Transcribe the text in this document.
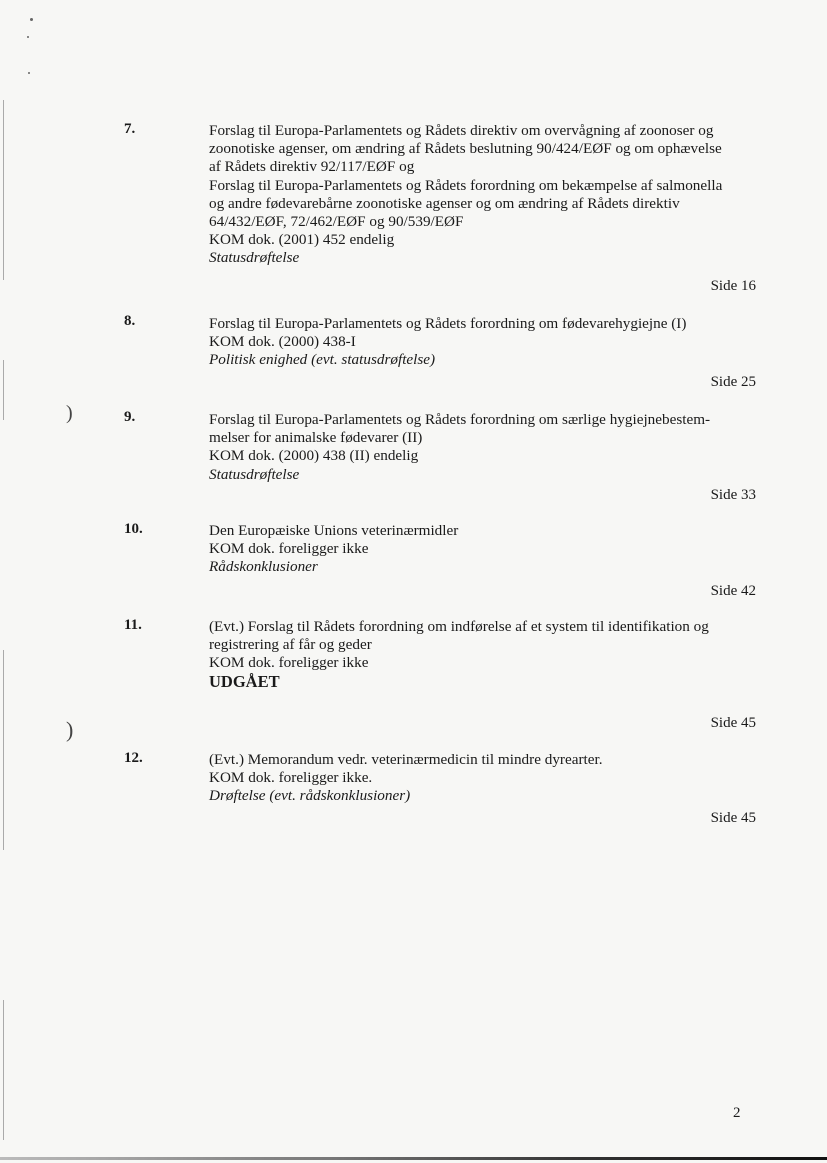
)
)
7.	Forslag til Europa-Parlamentets og Rådets direktiv om overvågning af zoonoser og
zoonotiske agenser, om ændring af Rådets beslutning 90/424/EØF og om ophævelse
af Rådets direktiv 92/117/EØF og
Forslag til Europa-Parlamentets og Rådets forordning om bekæmpelse af salmonella
og andre fødevarebårne zoonotiske agenser og om ændring af Rådets direktiv
64/432/EØF, 72/462/EØF og 90/539/EØF
KOM dok. (2001) 452 endelig
Statusdrøftelse
Side 16
8.	Forslag til Europa-Parlamentets og Rådets forordning om fødevarehygiejne (I)
KOM dok. (2000) 438-I
Politisk enighed (evt. statusdrøftelse)
Side 25
9.	Forslag til Europa-Parlamentets og Rådets forordning om særlige hygiejnebestem-
melser for animalske fødevarer (II)
KOM dok. (2000) 438 (II) endelig
Statusdrøftelse
Side 33
10.	Den Europæiske Unions veterinærmidler
KOM dok. foreligger ikke
Rådskonklusioner
Side 42
11.	(Evt.) Forslag til Rådets forordning om indførelse af et system til identifikation og
registrering af får og geder
KOM dok. foreligger ikke
UDGÅET
Side 45
12.	(Evt.) Memorandum vedr. veterinærmedicin til mindre dyrearter.
KOM dok. foreligger ikke.
Drøftelse (evt. rådskonklusioner)
Side 45
2
